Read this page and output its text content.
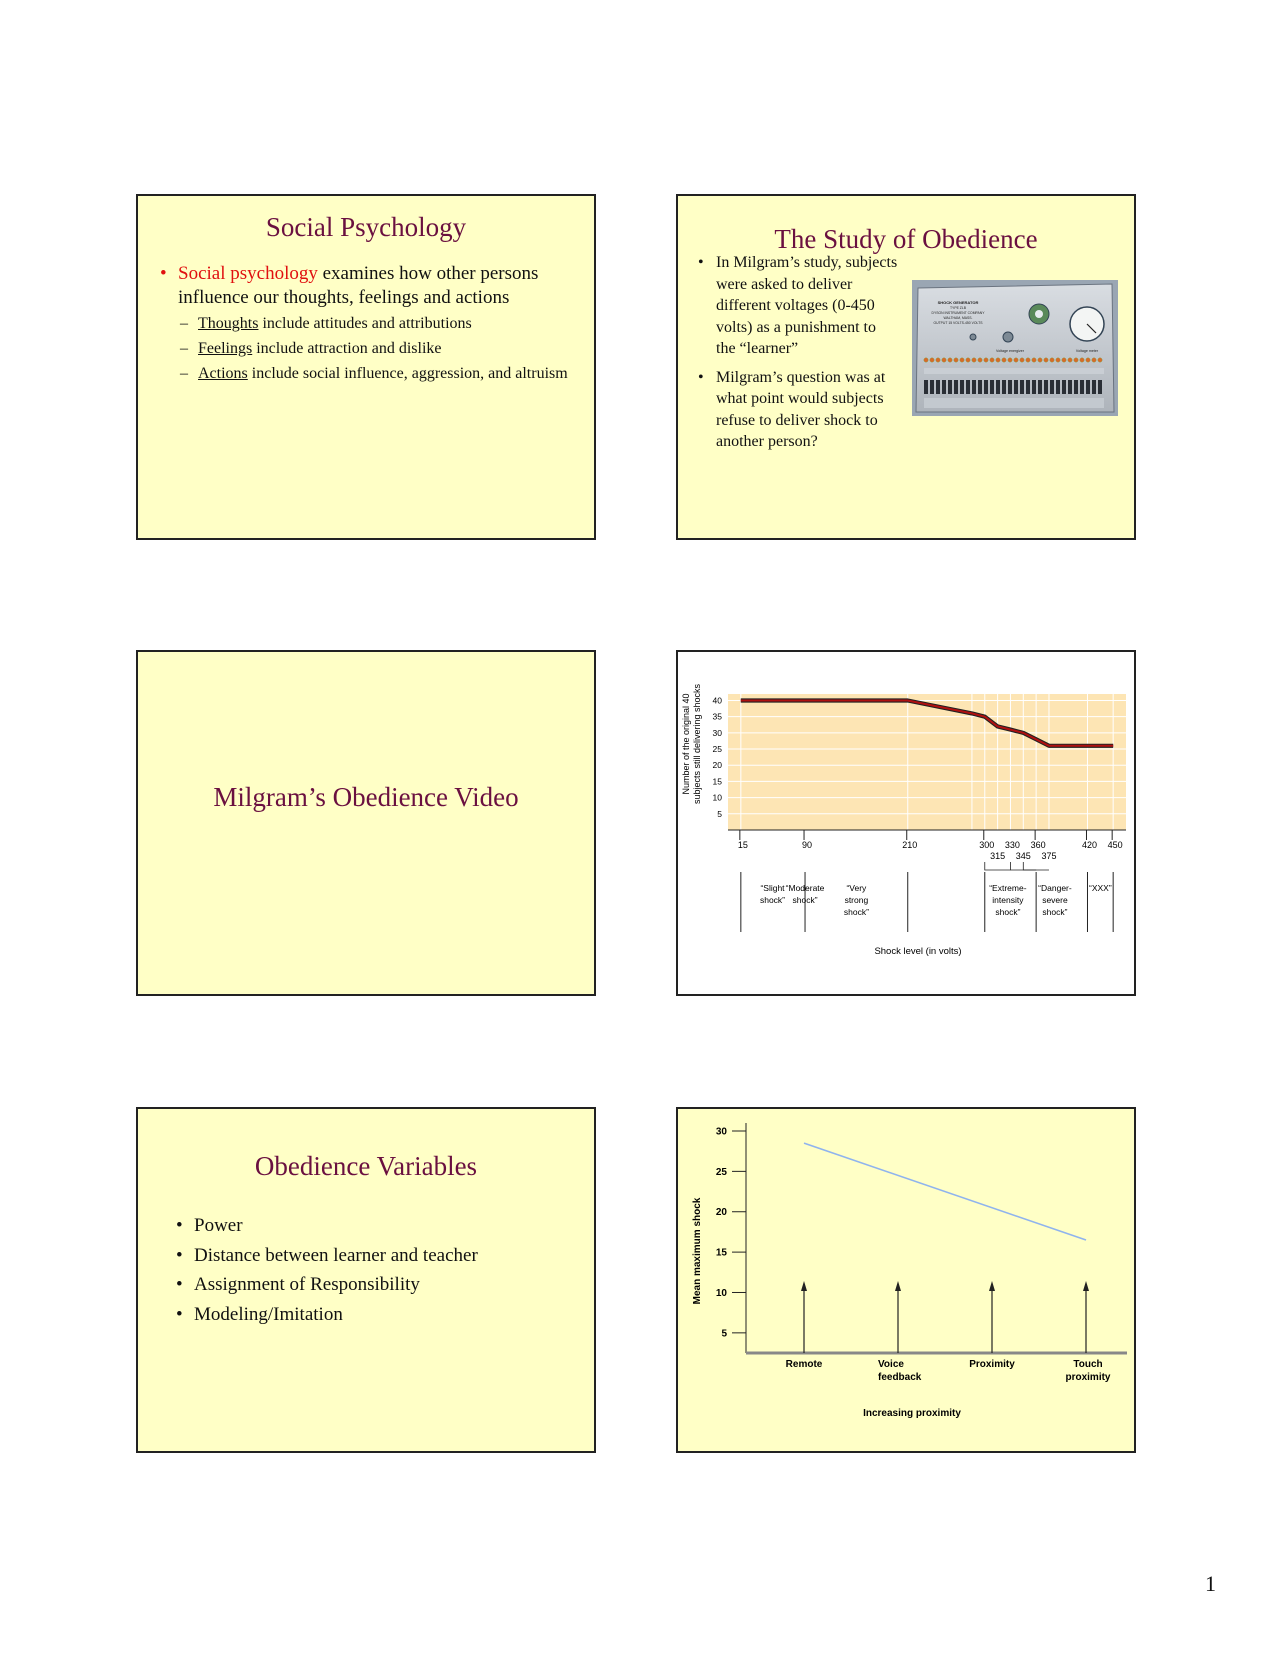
Social Psychology
• Social psychology examines how other persons influence our thoughts, feelings and actions
– Thoughts include attitudes and attributions
– Feelings include attraction and dislike
– Actions include social influence, aggression, and altruism
The Study of Obedience
• In Milgram’s study, subjects were asked to deliver different voltages (0-450 volts) as a punishment to the “learner”
• Milgram’s question was at what point would subjects refuse to deliver shock to another person?
SHOCK GENERATOR
TYPE ZLB
DYSON INSTRUMENT COMPANY
WALTHAM, MASS.
OUTPUT 15 VOLTS-450 VOLTS
Voltage energizer	Voltage meter
Milgram’s Obedience Video
5
10
15
20
25
30
35
40
Number of the original 40 subjects still delivering shocks
15	90	210	300 330 360	420 450
315 345 375
“Slight
shock”
“Moderate
shock”
“Very
strong
shock”
“Extreme-
intensity
shock”
“Danger-
severe
shock”
“XXX”
Shock level (in volts)
Obedience Variables
• Power
• Distance between learner and teacher
• Assignment of Responsibility
• Modeling/Imitation
5
10
15
20
25
30
Mean maximum shock
Remote	Voice
feedback
Proximity	Touch
proximity
Increasing proximity
1
